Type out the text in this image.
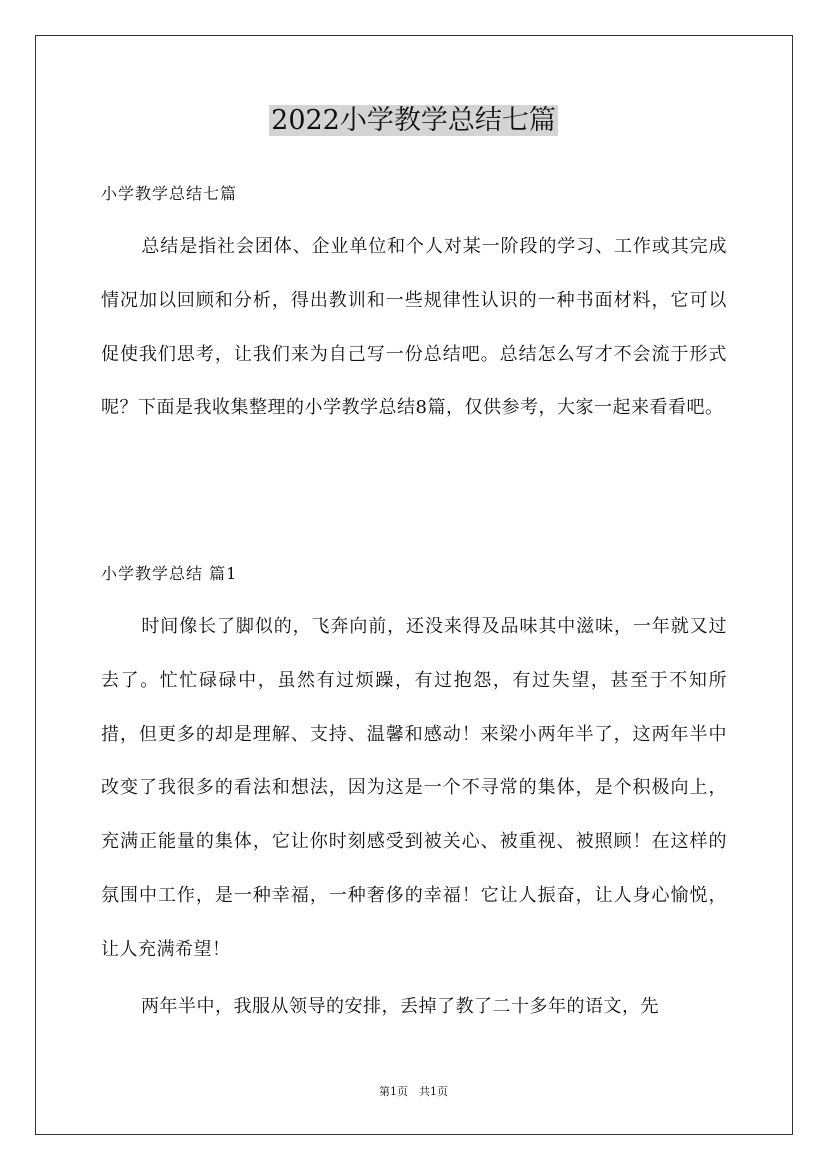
2022小学教学总结七篇
小学教学总结七篇
总结是指社会团体、企业单位和个人对某一阶段的学习、工作或其完成情况加以回顾和分析，得出教训和一些规律性认识的一种书面材料，它可以促使我们思考，让我们来为自己写一份总结吧。总结怎么写才不会流于形式呢？下面是我收集整理的小学教学总结8篇，仅供参考，大家一起来看看吧。
小学教学总结 篇1
时间像长了脚似的，飞奔向前，还没来得及品味其中滋味，一年就又过去了。忙忙碌碌中，虽然有过烦躁，有过抱怨，有过失望，甚至于不知所措，但更多的却是理解、支持、温馨和感动！来梁小两年半了，这两年半中改变了我很多的看法和想法，因为这是一个不寻常的集体，是个积极向上，充满正能量的集体，它让你时刻感受到被关心、被重视、被照顾！在这样的氛围中工作，是一种幸福，一种奢侈的幸福！它让人振奋，让人身心愉悦，让人充满希望！
两年半中，我服从领导的安排，丢掉了教了二十多年的语文，先
第1页　共1页
